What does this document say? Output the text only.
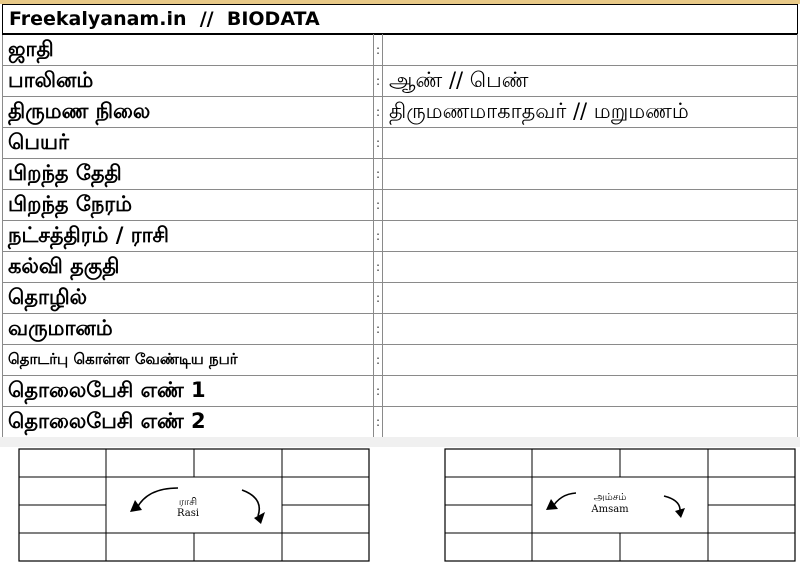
Freekalyanam.in // BIODATA
ஜாதி	:	
பாலினம்	:	ஆண் // பெண்
திருமண நிலை	:	திருமணமாகாதவர் // மறுமணம்
பெயர்	:	
பிறந்த தேதி	:	
பிறந்த நேரம்	:	
நட்சத்திரம் / ராசி	:	
கல்வி தகுதி	:	
தொழில்	:	
வருமானம்	:	
தொடர்பு கொள்ள வேண்டிய நபர்	:	
தொலைபேசி எண் 1	:	
தொலைபேசி எண் 2	:	
ராசி
Rasi
அம்சம்
Amsam
